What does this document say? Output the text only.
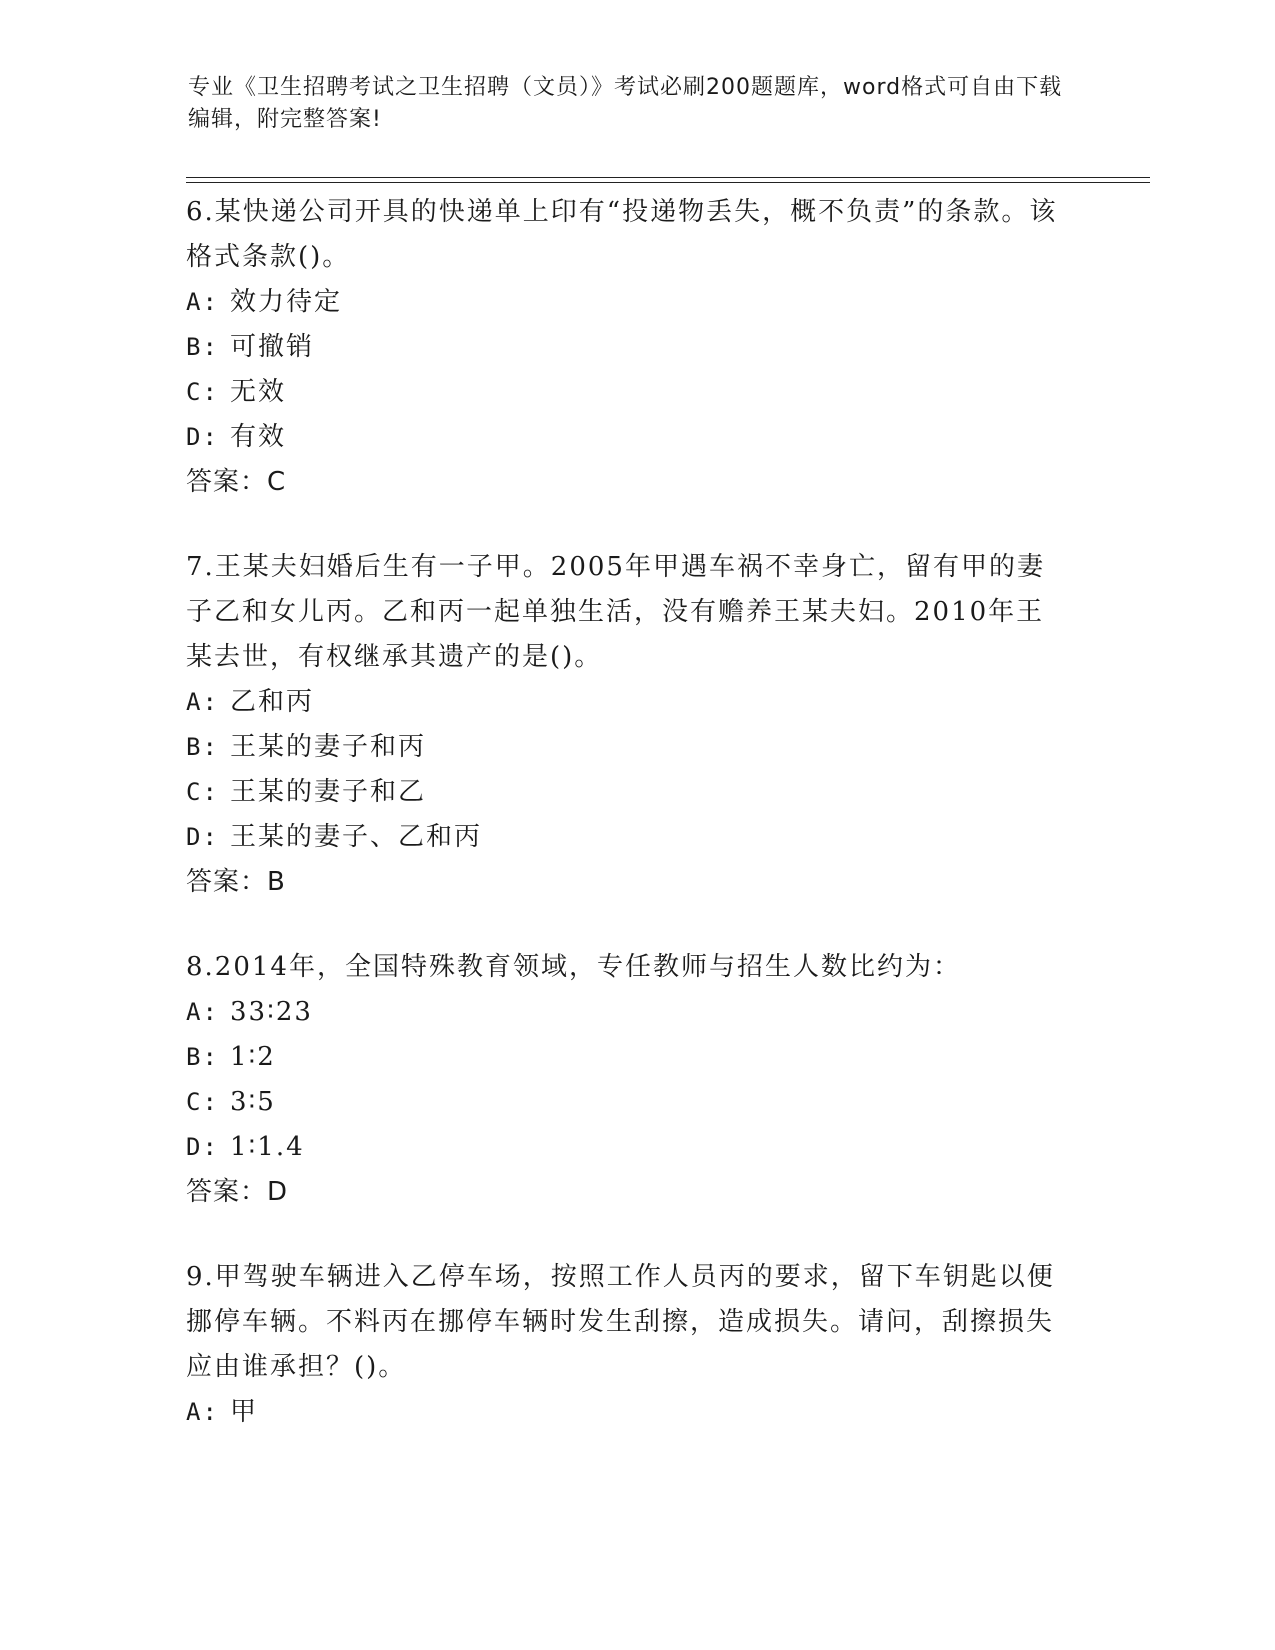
专业《卫生招聘考试之卫生招聘（文员）》考试必刷200题题库，word格式可自由下载编辑，附完整答案!

6.某快递公司开具的快递单上印有“投递物丢失，概不负责”的条款。该格式条款()。

A: 效力待定

B: 可撤销

C: 无效

D: 有效

答案：C

7.王某夫妇婚后生有一子甲。2005年甲遇车祸不幸身亡，留有甲的妻子乙和女儿丙。乙和丙一起单独生活，没有赡养王某夫妇。2010年王某去世，有权继承其遗产的是()。

A: 乙和丙

B: 王某的妻子和丙

C: 王某的妻子和乙

D: 王某的妻子、乙和丙

答案：B

8.2014年，全国特殊教育领域，专任教师与招生人数比约为：

A: 33∶23

B: 1∶2

C: 3∶5

D: 1∶1.4

答案：D

9.甲驾驶车辆进入乙停车场，按照工作人员丙的要求，留下车钥匙以便挪停车辆。不料丙在挪停车辆时发生刮擦，造成损失。请问，刮擦损失应由谁承担？()。

A: 甲
